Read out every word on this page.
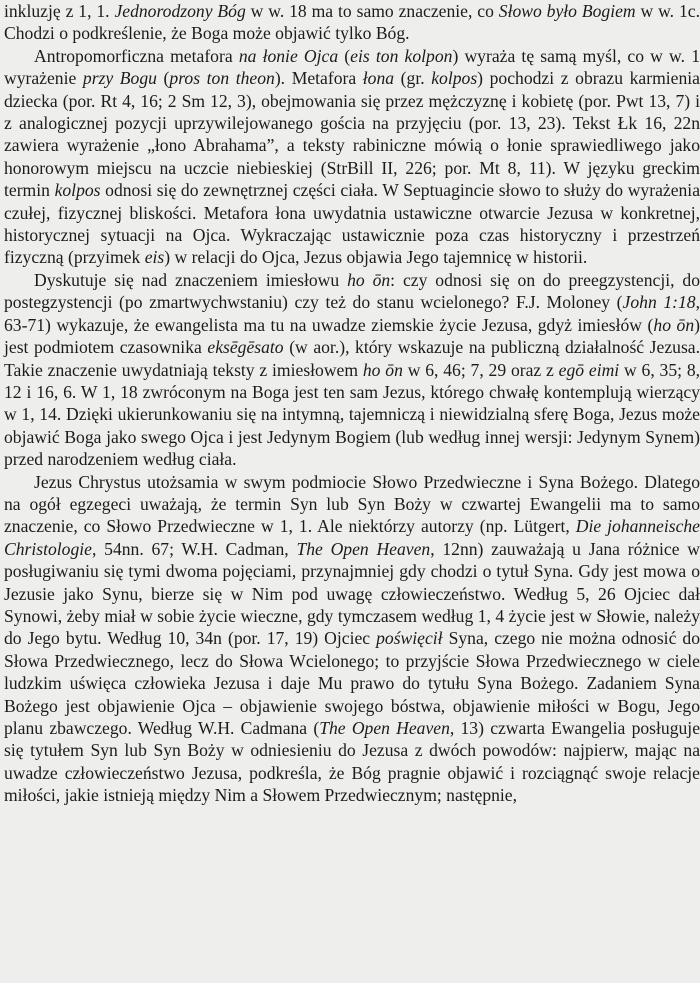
inkluzję z 1, 1. Jednorodzony Bóg w w. 18 ma to samo znaczenie, co Słowo było Bogiem w w. 1c. Chodzi o podkreślenie, że Boga może objawić tylko Bóg.

Antropomorficzna metafora na łonie Ojca (eis ton kolpon) wyraża tę samą myśl, co w w. 1 wyrażenie przy Bogu (pros ton theon). Metafora łona (gr. kolpos) pochodzi z obrazu karmienia dziecka (por. Rt 4, 16; 2 Sm 12, 3), obejmowania się przez mężczyznę i kobietę (por. Pwt 13, 7) i z analogicznej pozycji uprzywilejowanego gościa na przyjęciu (por. 13, 23). Tekst Łk 16, 22n zawiera wyrażenie „łono Abrahama”, a teksty rabiniczne mówią o łonie sprawiedliwego jako honorowym miejscu na uczcie niebieskiej (StrBill II, 226; por. Mt 8, 11). W języku greckim termin kolpos odnosi się do zewnętrznej części ciała. W Septuagincie słowo to służy do wyrażenia czułej, fizycznej bliskości. Metafora łona uwydatnia ustawiczne otwarcie Jezusa w konkretnej, historycznej sytuacji na Ojca. Wykraczając ustawicznie poza czas historyczny i przestrzeń fizyczną (przyimek eis) w relacji do Ojca, Jezus objawia Jego tajemnicę w historii.

Dyskutuje się nad znaczeniem imiesłowu ho ōn: czy odnosi się on do preegzystencji, do postegzystencji (po zmartwychwstaniu) czy też do stanu wcielonego? F.J. Moloney (John 1:18, 63-71) wykazuje, że ewangelista ma tu na uwadze ziemskie życie Jezusa, gdyż imiesłów (ho ōn) jest podmiotem czasownika eksēgēsato (w aor.), który wskazuje na publiczną działalność Jezusa. Takie znaczenie uwydatniają teksty z imiesłowem ho ōn w 6, 46; 7, 29 oraz z egō eimi w 6, 35; 8, 12 i 16, 6. W 1, 18 zwróconym na Boga jest ten sam Jezus, którego chwałę kontemplują wierzący w 1, 14. Dzięki ukierunkowaniu się na intymną, tajemniczą i niewidzialną sferę Boga, Jezus może objawić Boga jako swego Ojca i jest Jedynym Bogiem (lub według innej wersji: Jedynym Synem) przed narodzeniem według ciała.

Jezus Chrystus utożsamia w swym podmiocie Słowo Przedwieczne i Syna Bożego. Dlatego na ogół egzegeci uważają, że termin Syn lub Syn Boży w czwartej Ewangelii ma to samo znaczenie, co Słowo Przedwieczne w 1, 1. Ale niektórzy autorzy (np. Lütgert, Die johanneische Christologie, 54nn. 67; W.H. Cadman, The Open Heaven, 12nn) zauważają u Jana różnice w posługiwaniu się tymi dwoma pojęciami, przynajmniej gdy chodzi o tytuł Syna. Gdy jest mowa o Jezusie jako Synu, bierze się w Nim pod uwagę człowieczeństwo. Według 5, 26 Ojciec dał Synowi, żeby miał w sobie życie wieczne, gdy tymczasem według 1, 4 życie jest w Słowie, należy do Jego bytu. Według 10, 34n (por. 17, 19) Ojciec poświęcił Syna, czego nie można odnosić do Słowa Przedwiecznego, lecz do Słowa Wcielonego; to przyjście Słowa Przedwiecznego w ciele ludzkim uświęca człowieka Jezusa i daje Mu prawo do tytułu Syna Bożego. Zadaniem Syna Bożego jest objawienie Ojca – objawienie swojego bóstwa, objawienie miłości w Bogu, Jego planu zbawczego. Według W.H. Cadmana (The Open Heaven, 13) czwarta Ewangelia posługuje się tytułem Syn lub Syn Boży w odniesieniu do Jezusa z dwóch powodów: najpierw, mając na uwadze człowieczeństwo Jezusa, podkreśla, że Bóg pragnie objawić i rozciągnąć swoje relacje miłości, jakie istnieją między Nim a Słowem Przedwiecznym; następnie,
